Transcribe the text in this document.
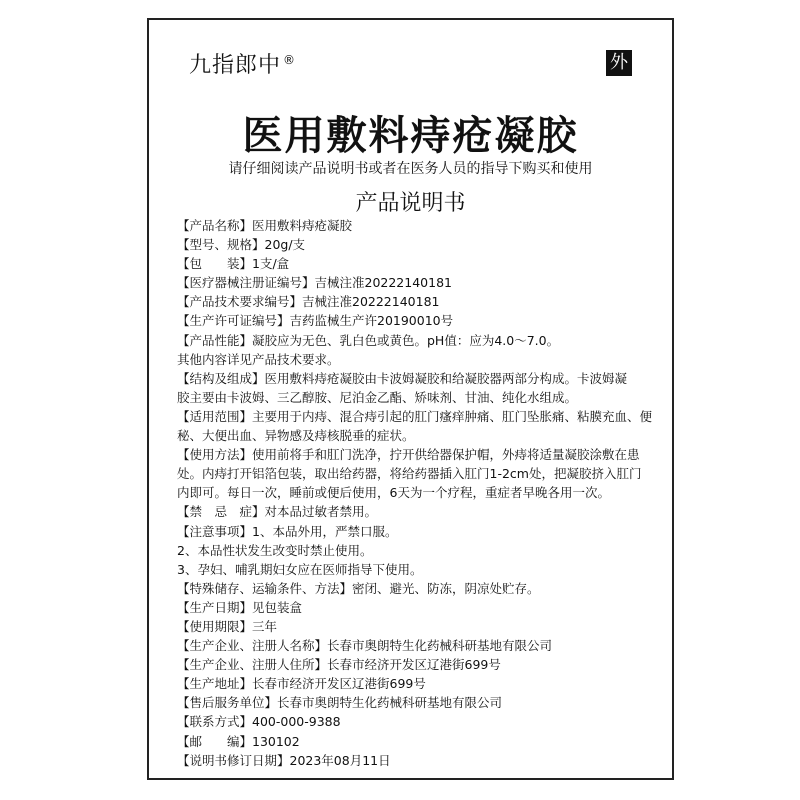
九指郎中 ®	外
医用敷料痔疮凝胶
请仔细阅读产品说明书或者在医务人员的指导下购买和使用
产品说明书
【产品名称】医用敷料痔疮凝胶
【型号、规格】20g/支
【包　　装】1支/盒
【医疗器械注册证编号】吉械注准20222140181
【产品技术要求编号】吉械注准20222140181
【生产许可证编号】吉药监械生产许20190010号
【产品性能】凝胶应为无色、乳白色或黄色。pH值：应为4.0～7.0。
其他内容详见产品技术要求。
【结构及组成】医用敷料痔疮凝胶由卡波姆凝胶和给凝胶器两部分构成。卡波姆凝
胶主要由卡波姆、三乙醇胺、尼泊金乙酯、矫味剂、甘油、纯化水组成。
【适用范围】主要用于内痔、混合痔引起的肛门瘙痒肿痛、肛门坠胀痛、粘膜充血、便
秘、大便出血、异物感及痔核脱垂的症状。
【使用方法】使用前将手和肛门洗净，拧开供给器保护帽，外痔将适量凝胶涂敷在患
处。内痔打开铝箔包装，取出给药器，将给药器插入肛门1-2cm处，把凝胶挤入肛门
内即可。每日一次，睡前或便后使用，6天为一个疗程，重症者早晚各用一次。
【禁　忌　症】对本品过敏者禁用。
【注意事项】1、本品外用，严禁口服。
2、本品性状发生改变时禁止使用。
3、孕妇、哺乳期妇女应在医师指导下使用。
【特殊储存、运输条件、方法】密闭、避光、防冻，阴凉处贮存。
【生产日期】见包装盒
【使用期限】三年
【生产企业、注册人名称】长春市奥朗特生化药械科研基地有限公司
【生产企业、注册人住所】长春市经济开发区辽港街699号
【生产地址】长春市经济开发区辽港街699号
【售后服务单位】长春市奥朗特生化药械科研基地有限公司
【联系方式】400-000-9388
【邮　　编】130102
【说明书修订日期】2023年08月11日
